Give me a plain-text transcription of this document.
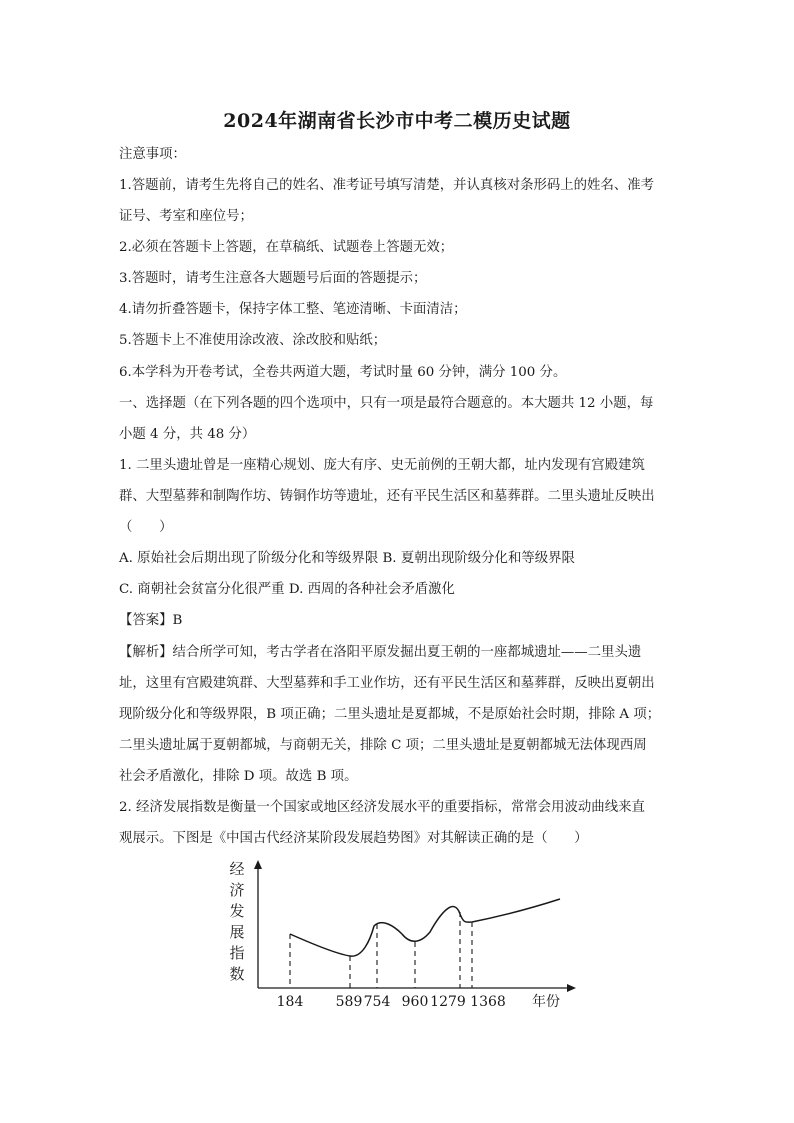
2024年湖南省长沙市中考二模历史试题
注意事项：
1.答题前，请考生先将自己的姓名、准考证号填写清楚，并认真核对条形码上的姓名、准考
证号、考室和座位号；
2.必须在答题卡上答题，在草稿纸、试题卷上答题无效；
3.答题时，请考生注意各大题题号后面的答题提示；
4.请勿折叠答题卡，保持字体工整、笔迹清晰、卡面清洁；
5.答题卡上不准使用涂改液、涂改胶和贴纸；
6.本学科为开卷考试，全卷共两道大题，考试时量 60 分钟，满分 100 分。
一、选择题（在下列各题的四个选项中，只有一项是最符合题意的。本大题共 12 小题，每
小题 4 分，共 48 分）
1. 二里头遗址曾是一座精心规划、庞大有序、史无前例的王朝大都，址内发现有宫殿建筑
群、大型墓葬和制陶作坊、铸铜作坊等遗址，还有平民生活区和墓葬群。二里头遗址反映出
（　　）
A. 原始社会后期出现了阶级分化和等级界限 B. 夏朝出现阶级分化和等级界限
C. 商朝社会贫富分化很严重 D. 西周的各种社会矛盾激化
【答案】B
【解析】结合所学可知，考古学者在洛阳平原发掘出夏王朝的一座都城遗址——二里头遗
址，这里有宫殿建筑群、大型墓葬和手工业作坊，还有平民生活区和墓葬群，反映出夏朝出
现阶级分化和等级界限，B 项正确；二里头遗址是夏都城，不是原始社会时期，排除 A 项；
二里头遗址属于夏朝都城，与商朝无关，排除 C 项；二里头遗址是夏朝都城无法体现西周
社会矛盾激化，排除 D 项。故选 B 项。
2. 经济发展指数是衡量一个国家或地区经济发展水平的重要指标，常常会用波动曲线来直
观展示。下图是《中国古代经济某阶段发展趋势图》对其解读正确的是（　　）
经济发展指数
184 589 754 960 1279 1368 年份
